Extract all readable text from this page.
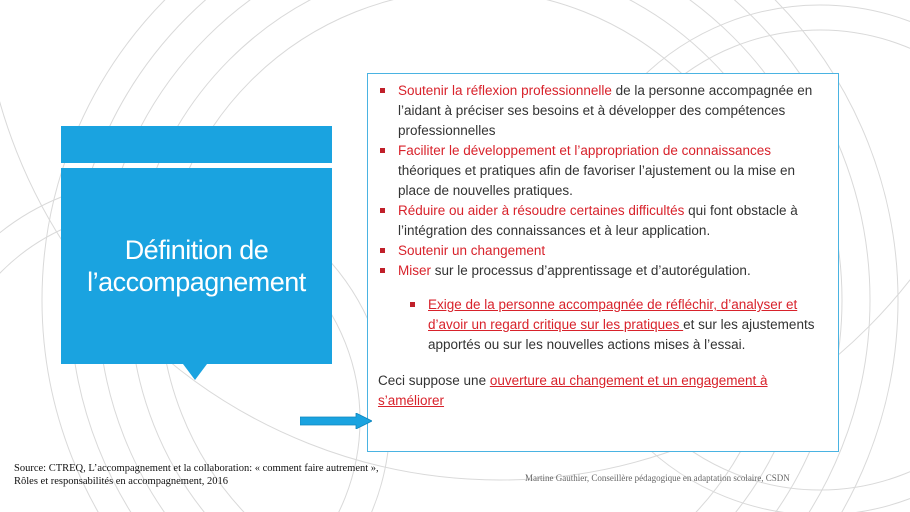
Définition de l’accompagnement
Soutenir la réflexion professionnelle de la personne accompagnée en l’aidant à préciser ses besoins et à développer des compétences professionnelles
Faciliter le développement et l’appropriation de connaissances théoriques et pratiques afin de favoriser l’ajustement ou la mise en place de nouvelles pratiques.
Réduire ou aider à résoudre certaines difficultés qui font obstacle à l’intégration des connaissances et à leur application.
Soutenir un changement
Miser sur le processus d’apprentissage et d’autorégulation.
Exige de la personne accompagnée de réfléchir, d’analyser et d’avoir un regard critique sur les pratiques et sur les ajustements apportés ou sur les nouvelles actions mises à l’essai.
Ceci suppose une ouverture au changement et un engagement à s’améliorer
Source: CTREQ, L’accompagnement et la collaboration: « comment faire autrement »,
Rôles et responsabilités en accompagnement, 2016	Martine Gauthier, Conseillère pédagogique en adaptation scolaire, CSDN
